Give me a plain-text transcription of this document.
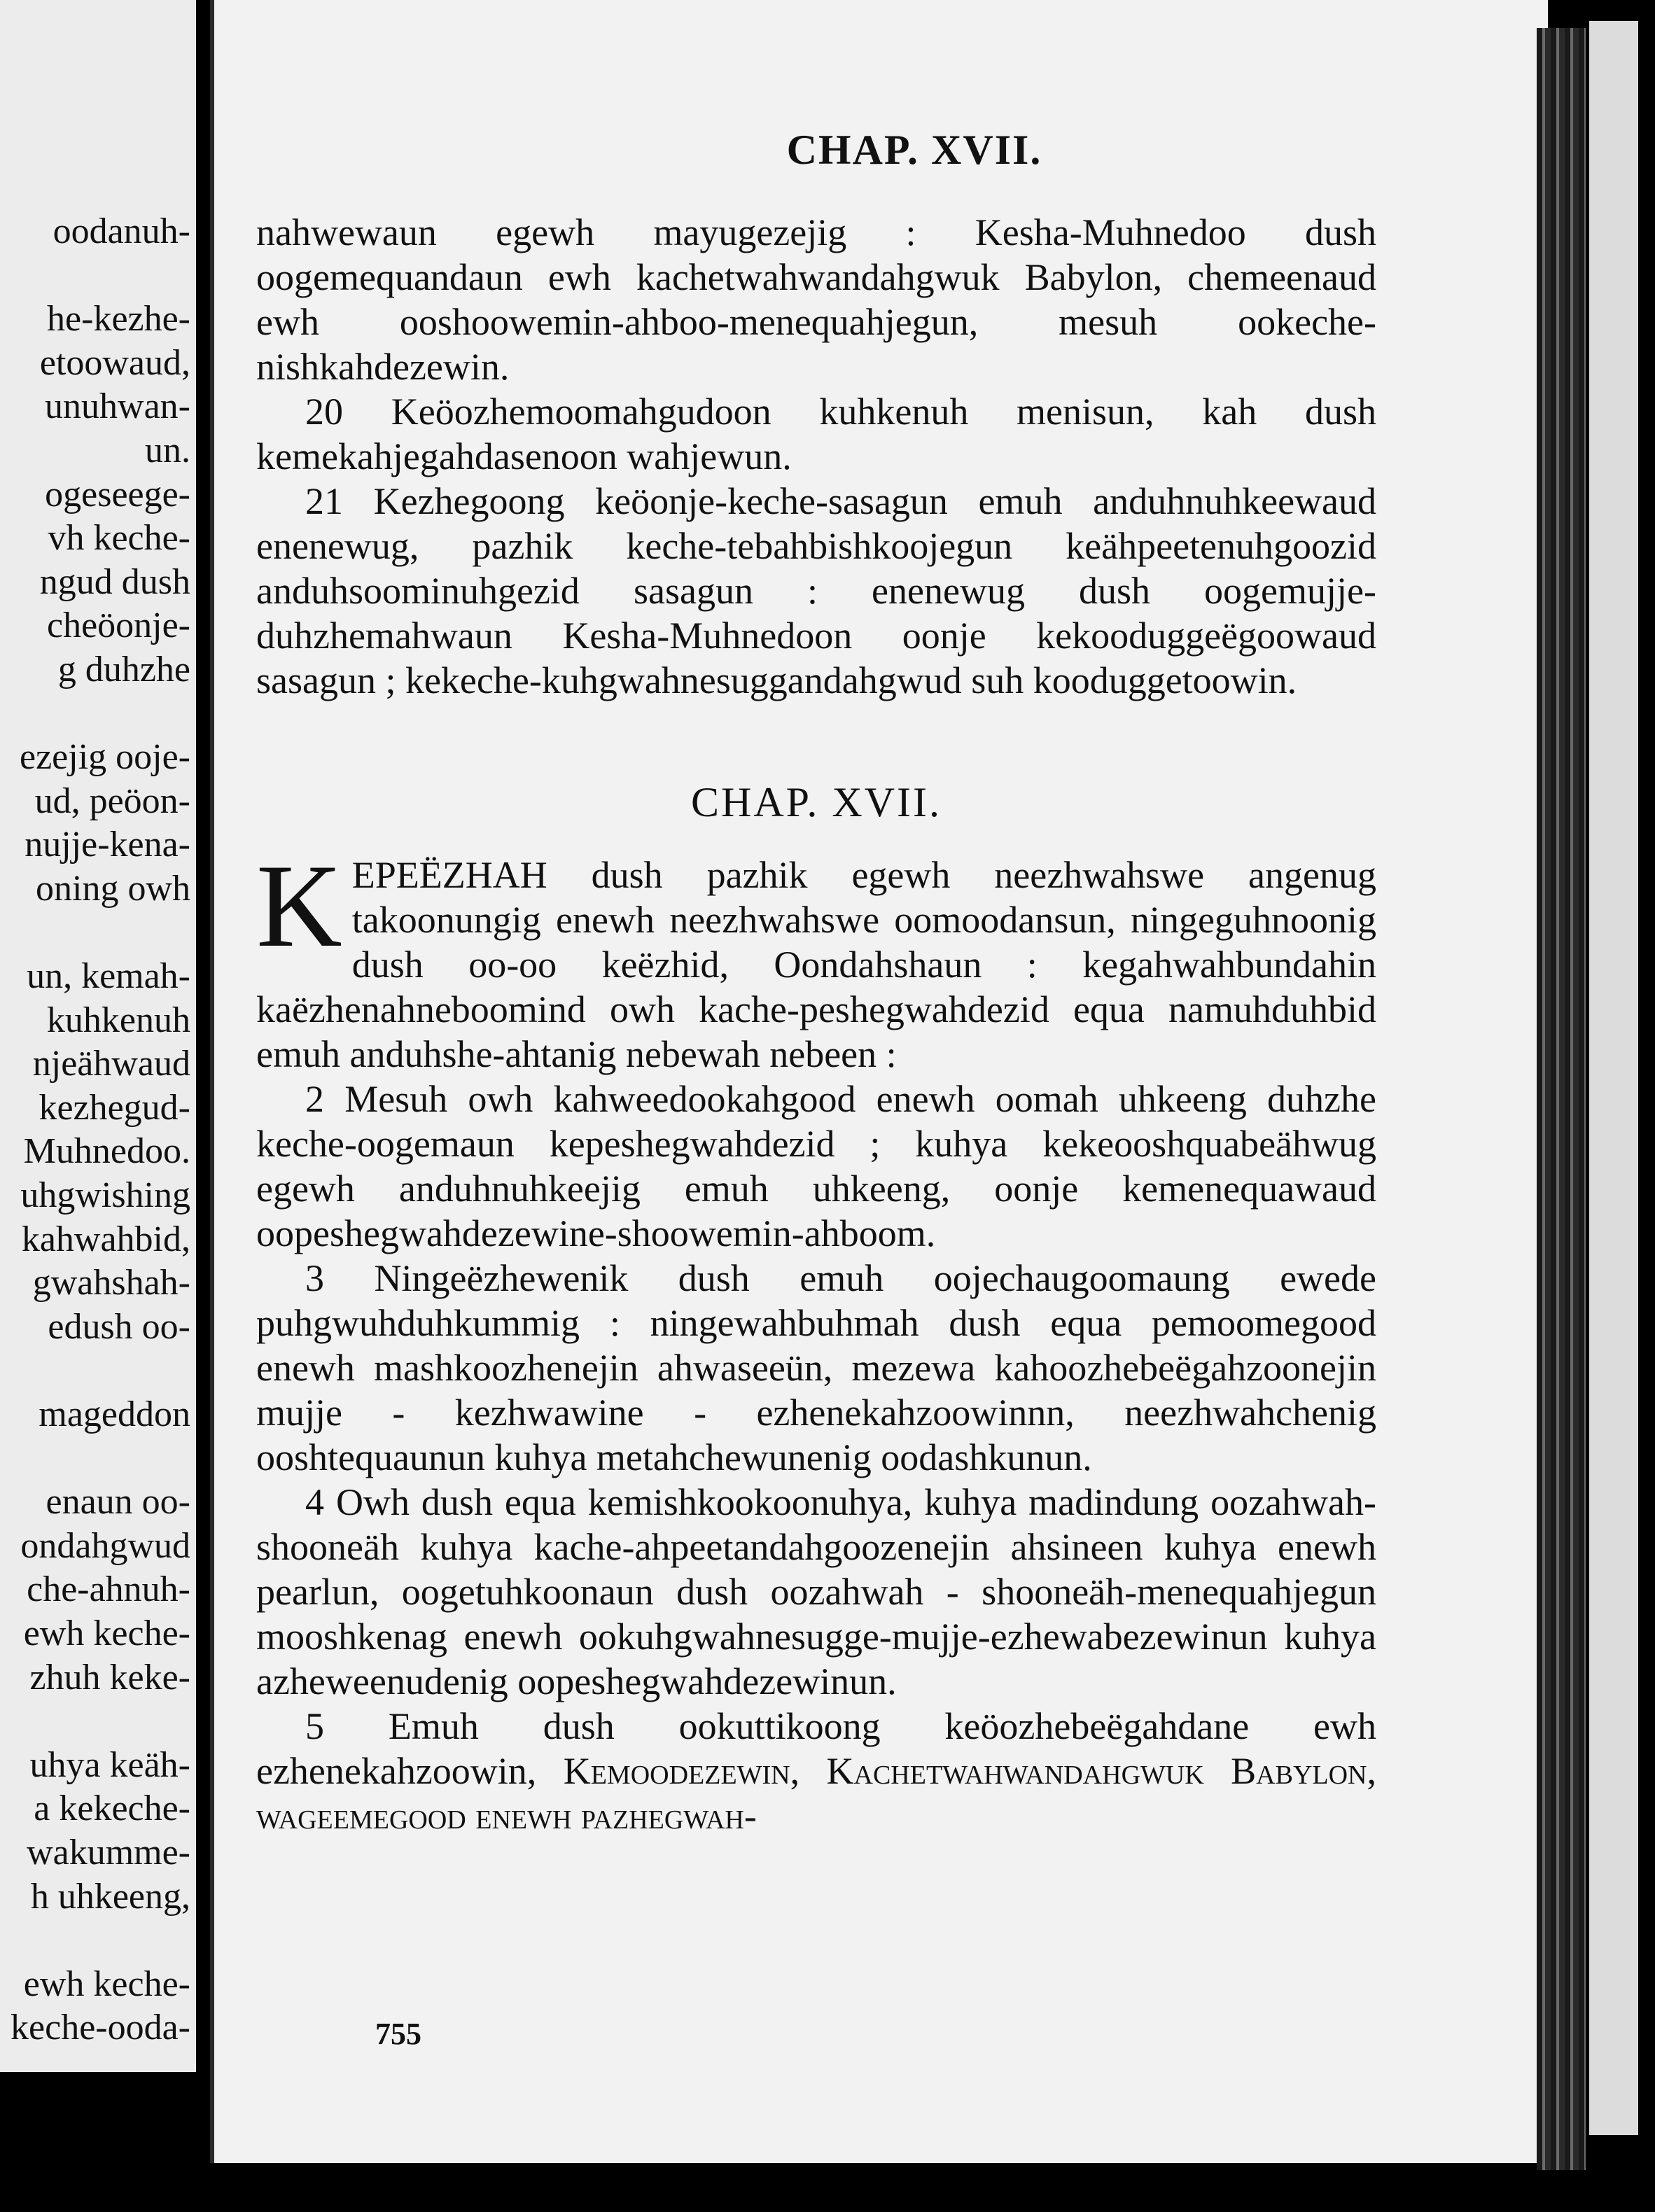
oodanuh-
he-kezhe-
etoowaud,
unuhwan-
un.
ogeseege-
vh keche-
ngud dush
cheöonje-
g duhzhe
ezejig ooje-
ud, peöon-
nujje-kena-
oning owh
un, kemah-
kuhkenuh
njeähwaud
kezhegud-
Muhnedoo.
uhgwishing
kahwahbid,
gwahshah-
edush oo-
mageddon
enaun oo-
ondahgwud
che-ahnuh-
ewh keche-
zhuh keke-
uhya keäh-
a kekeche-
wakumme-
h uhkeeng,
ewh keche-
keche-ooda-
CHAP. XVII.

nahwewaun egewh mayugezejig : Kesha-Muhnedoo dush oogemequandaun ewh kachetwahwandahgwuk Babylon, chemeenaud ewh ooshoowemin-ahboo-menequahjegun, mesuh ookeche-nishkahdezewin.

20 Keöozhemoomahgudoon kuhkenuh menisun, kah dush kemekahjegahdasenoon wahjewun.

21 Kezhegoong keöonje-keche-sasagun emuh anduhnuhkeewaud enenewug, pazhik keche-tebahbishkoojegun keähpeetenuhgoozid anduhsoominuhgezid sasagun : enenewug dush oogemujje-duhzhemahwaun Kesha-Muhnedoon oonje kekooduggeëgoowaud sasagun ; kekeche-kuhgwahnesuggandahgwud suh kooduggetoowin.

CHAP. XVII.

K EPEËZHAH dush pazhik egewh neezhwahswe angenug takoonungig enewh neezhwahswe oomoodansun, ningeguhnoonig dush oo-oo keëzhid, Oondahshaun : kegahwahbundahin kaëzhenahneboomind owh kache-peshegwahdezid equa namuhduhbid emuh anduhshe-ahtanig nebewah nebeen :

2 Mesuh owh kahweedookahgood enewh oomah uhkeeng duhzhe keche-oogemaun kepeshegwahdezid ; kuhya kekeooshquabeähwug egewh anduhnuhkeejig emuh uhkeeng, oonje kemenequawaud oopeshegwahdezewine-shoowemin-ahboom.

3 Ningeëzhewenik dush emuh oojechaugoomaung ewede puhgwuhduhkummig : ningewahbuhmah dush equa pemoomegood enewh mashkoozhenejin ahwaseeün, mezewa kahoozhebeëgahzoonejin mujje - kezhwawine - ezhenekahzoowinnn, neezhwahchenig ooshtequaunun kuhya metahchewunenig oodashkunun.

4 Owh dush equa kemishkookoonuhya, kuhya madindung oozahwah-shooneäh kuhya kache-ahpeetandahgoozenejin ahsineen kuhya enewh pearlun, oogetuhkoonaun dush oozahwah - shooneäh-menequahjegun mooshkenag enewh ookuhgwahnesugge-mujje-ezhewabezewinun kuhya azheweenudenig oopeshegwahdezewinun.

5 Emuh dush ookuttikoong keöozhebeëgahdane ewh ezhenekahzoowin, Kemoodezewin, Kachetwahwandahgwuk Babylon, wageemegood enewh pazhegwah-

755
